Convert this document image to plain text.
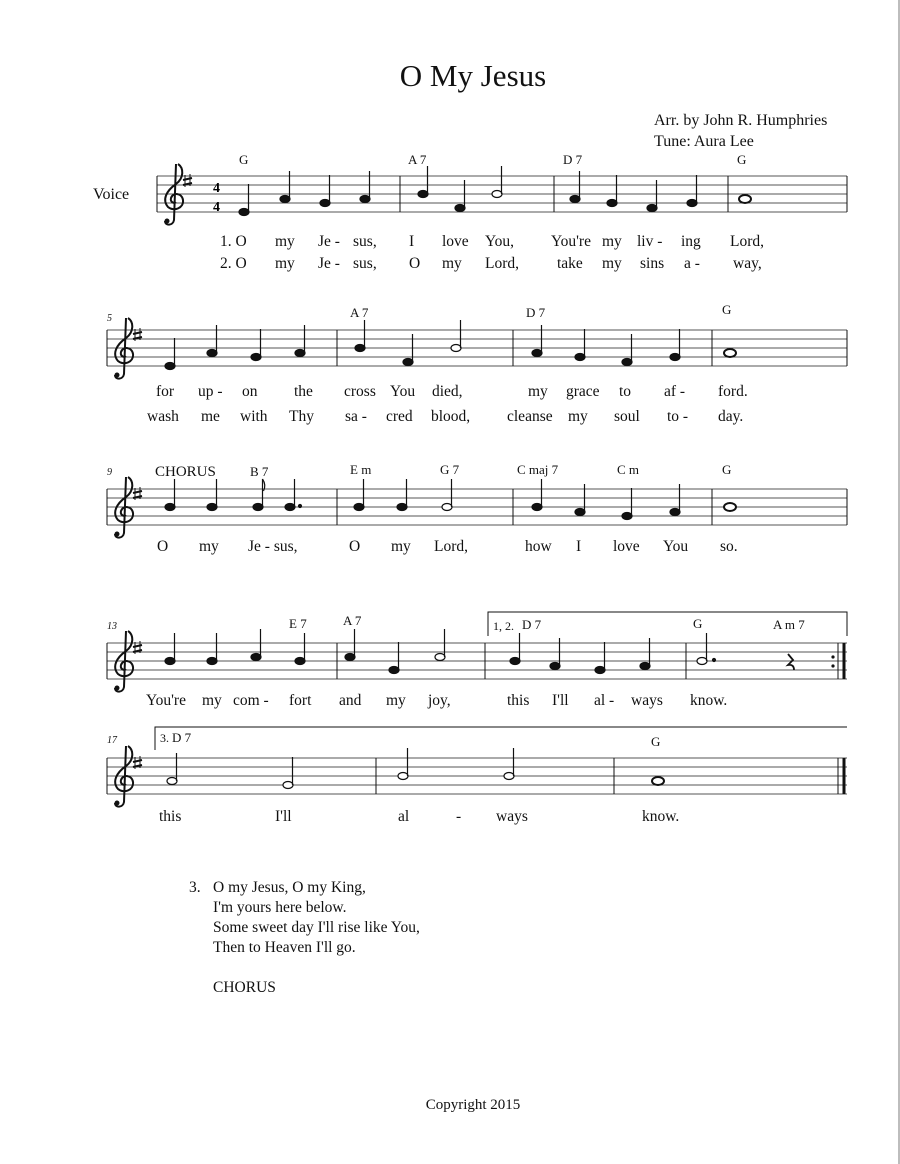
O My Jesus
Arr. by John R. Humphries
Tune: Aura Lee
Voice	4
4
G	A 7	D 7	G
5	A 7	D 7	G
9	CHORUS	B 7	E m	G 7	C maj 7	C m	G
13	E 7	A 7	1, 2. D 7	G	A m 7
17	3. D 7	G
1. O my Je - sus, I love You, You're my liv - ing Lord,
2. O my Je - sus, O my Lord, take my sins a - way,
for up - on the cross You died,	my grace to af - ford.
wash me with Thy sa - cred blood, cleanse my soul to - day.
O my Je - sus,	O my Lord,	how I love You so.
You're my com - fort and my joy,	this I'll al - ways know.
this	I'll	al	- ways	know.
3. O my Jesus, O my King,
I'm yours here below.
Some sweet day I'll rise like You,
Then to Heaven I'll go.
CHORUS
Copyright 2015
